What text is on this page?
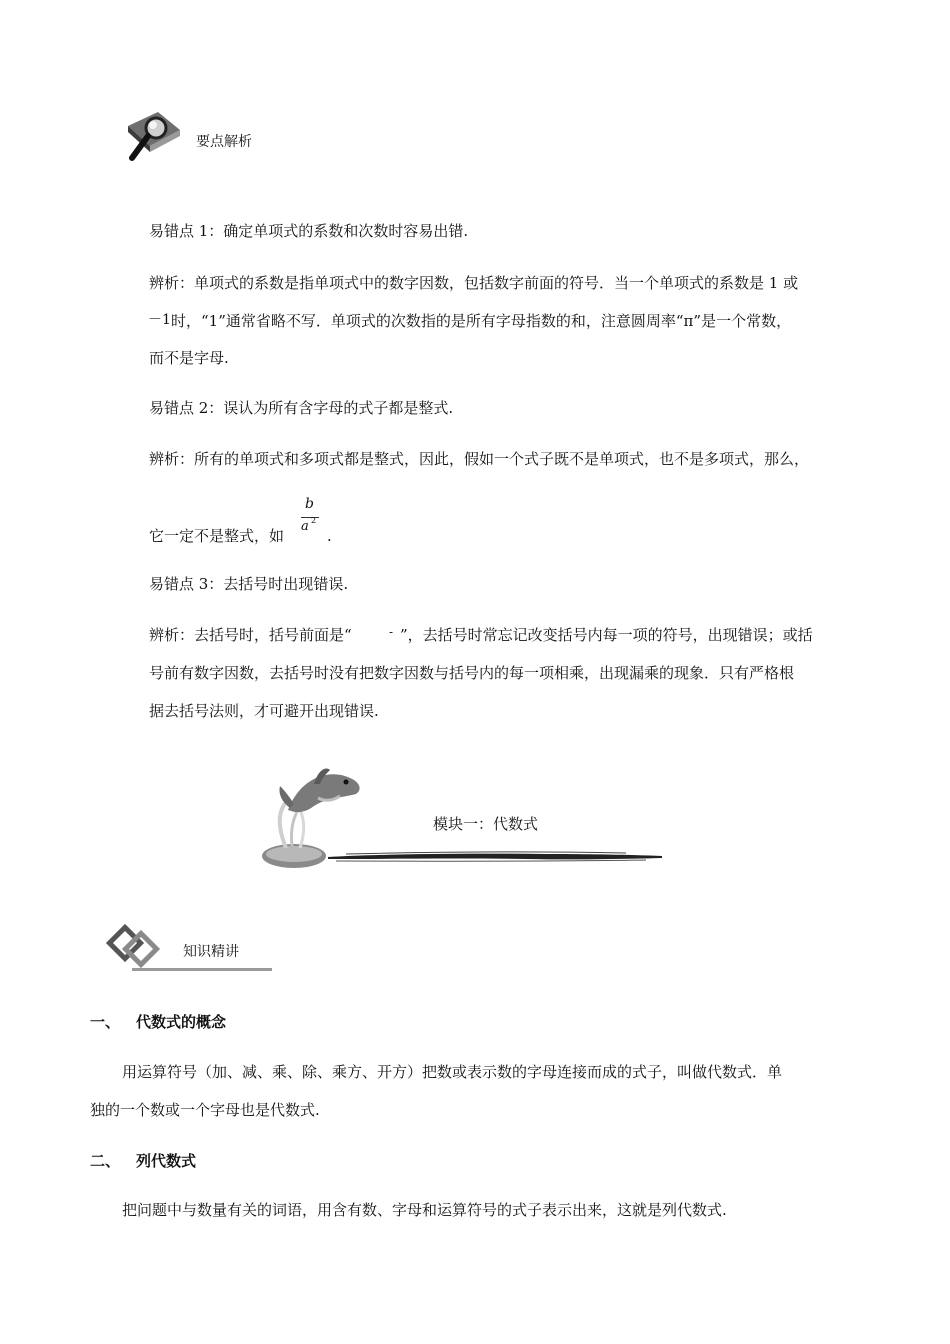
要点解析
易错点 1：确定单项式的系数和次数时容易出错.
辨析：单项式的系数是指单项式中的数字因数，包括数字前面的符号．当一个单项式的系数是 1 或
－1 时，“1”通常省略不写．单项式的次数指的是所有字母指数的和，注意圆周率“π”是一个常数，
而不是字母.
易错点 2：误认为所有含字母的式子都是整式.
辨析：所有的单项式和多项式都是整式，因此，假如一个式子既不是单项式，也不是多项式，那么，
它一定不是整式，如
b
a 2
.
易错点 3：去括号时出现错误.
辨析：去括号时，括号前面是“	- ”，去括号时常忘记改变括号内每一项的符号，出现错误；或括
号前有数字因数，去括号时没有把数字因数与括号内的每一项相乘，出现漏乘的现象．只有严格根
据去括号法则，才可避开出现错误.
模块一：代数式
知识精讲
一、 代数式的概念
用运算符号（加、减、乘、除、乘方、开方）把数或表示数的字母连接而成的式子，叫做代数式．单
独的一个数或一个字母也是代数式.
二、 列代数式
把问题中与数量有关的词语，用含有数、字母和运算符号的式子表示出来，这就是列代数式.
